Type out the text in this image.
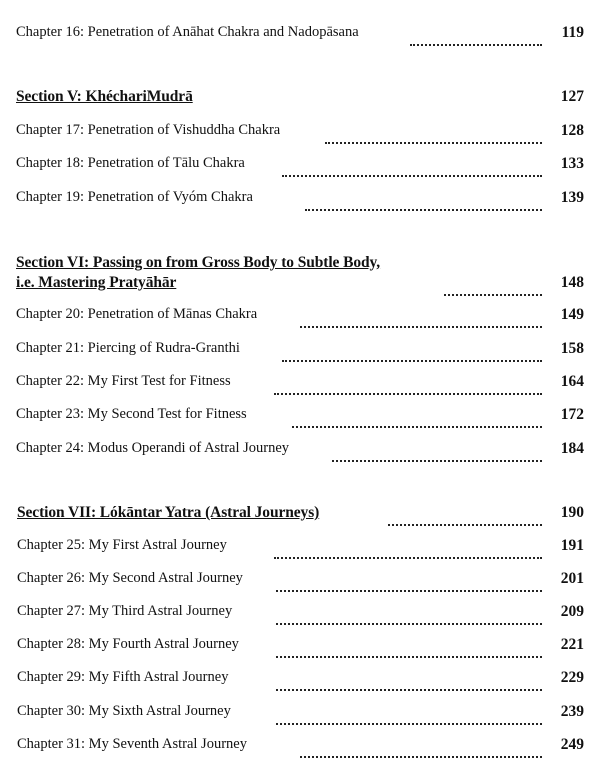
Chapter 16: Penetration of Anāhat Chakra and Nadopāsana	119
Section V: KhéchariMudrā	127
Chapter 17: Penetration of Vishuddha Chakra	128
Chapter 18: Penetration of Tālu Chakra	133
Chapter 19: Penetration of Vyóm Chakra	139
Section VI: Passing on from Gross Body to Subtle Body,
i.e. Mastering Pratyāhār	148
Chapter 20: Penetration of Mānas Chakra	149
Chapter 21: Piercing of Rudra-Granthi	158
Chapter 22: My First Test for Fitness	164
Chapter 23: My Second Test for Fitness	172
Chapter 24: Modus Operandi of Astral Journey	184
Section VII: Lókāntar Yatra (Astral Journeys)	190
Chapter 25: My First Astral Journey	191
Chapter 26: My Second Astral Journey	201
Chapter 27: My Third Astral Journey	209
Chapter 28: My Fourth Astral Journey	221
Chapter 29: My Fifth Astral Journey	229
Chapter 30: My Sixth Astral Journey	239
Chapter 31: My Seventh Astral Journey	249
